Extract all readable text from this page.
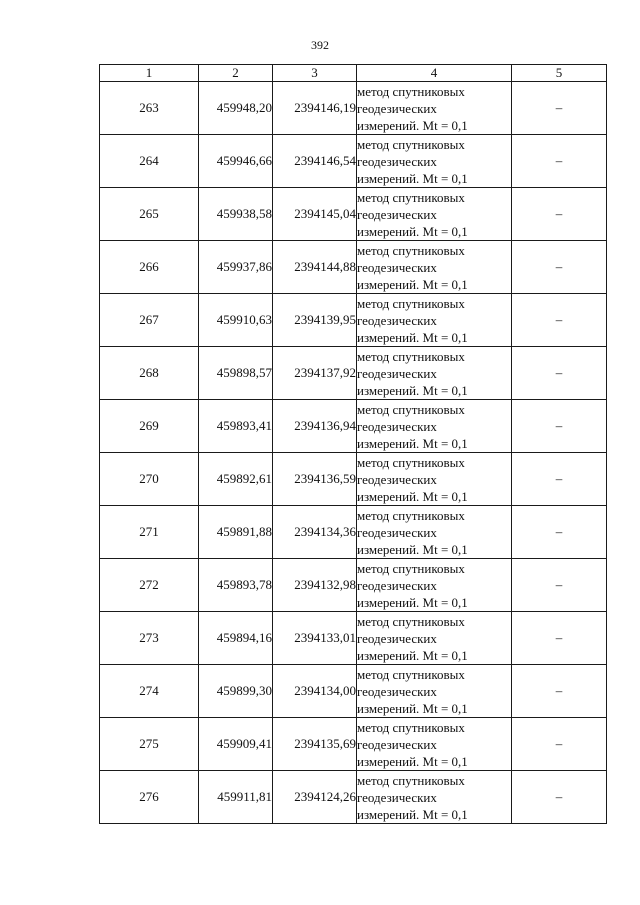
392
1	2	3	4	5
263	459948,20	2394146,19	метод спутниковых
геодезических
измерений. Mt = 0,1	–
264	459946,66	2394146,54	метод спутниковых
геодезических
измерений. Mt = 0,1	–
265	459938,58	2394145,04	метод спутниковых
геодезических
измерений. Mt = 0,1	–
266	459937,86	2394144,88	метод спутниковых
геодезических
измерений. Mt = 0,1	–
267	459910,63	2394139,95	метод спутниковых
геодезических
измерений. Mt = 0,1	–
268	459898,57	2394137,92	метод спутниковых
геодезических
измерений. Mt = 0,1	–
269	459893,41	2394136,94	метод спутниковых
геодезических
измерений. Mt = 0,1	–
270	459892,61	2394136,59	метод спутниковых
геодезических
измерений. Mt = 0,1	–
271	459891,88	2394134,36	метод спутниковых
геодезических
измерений. Mt = 0,1	–
272	459893,78	2394132,98	метод спутниковых
геодезических
измерений. Mt = 0,1	–
273	459894,16	2394133,01	метод спутниковых
геодезических
измерений. Mt = 0,1	–
274	459899,30	2394134,00	метод спутниковых
геодезических
измерений. Mt = 0,1	–
275	459909,41	2394135,69	метод спутниковых
геодезических
измерений. Mt = 0,1	–
276	459911,81	2394124,26	метод спутниковых
геодезических
измерений. Mt = 0,1	–
